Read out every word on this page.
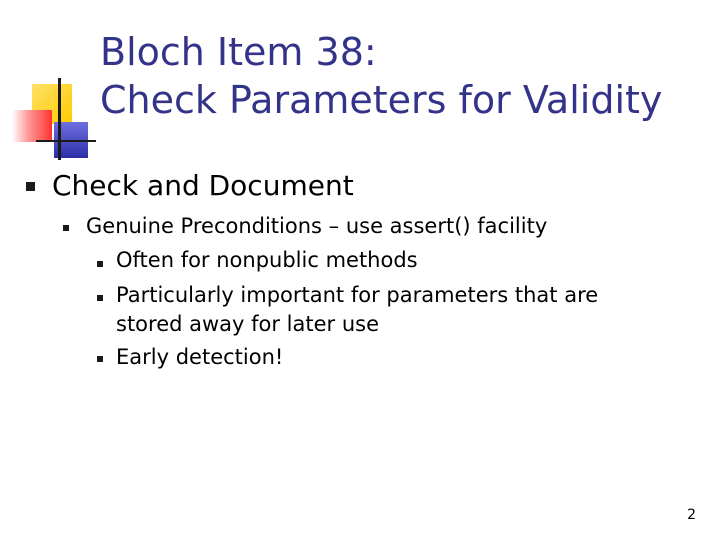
Bloch Item 38:
Check Parameters for Validity
Check and Document
Genuine Preconditions – use assert() facility
Often for nonpublic methods
Particularly important for parameters that are
stored away for later use
Early detection!
2
